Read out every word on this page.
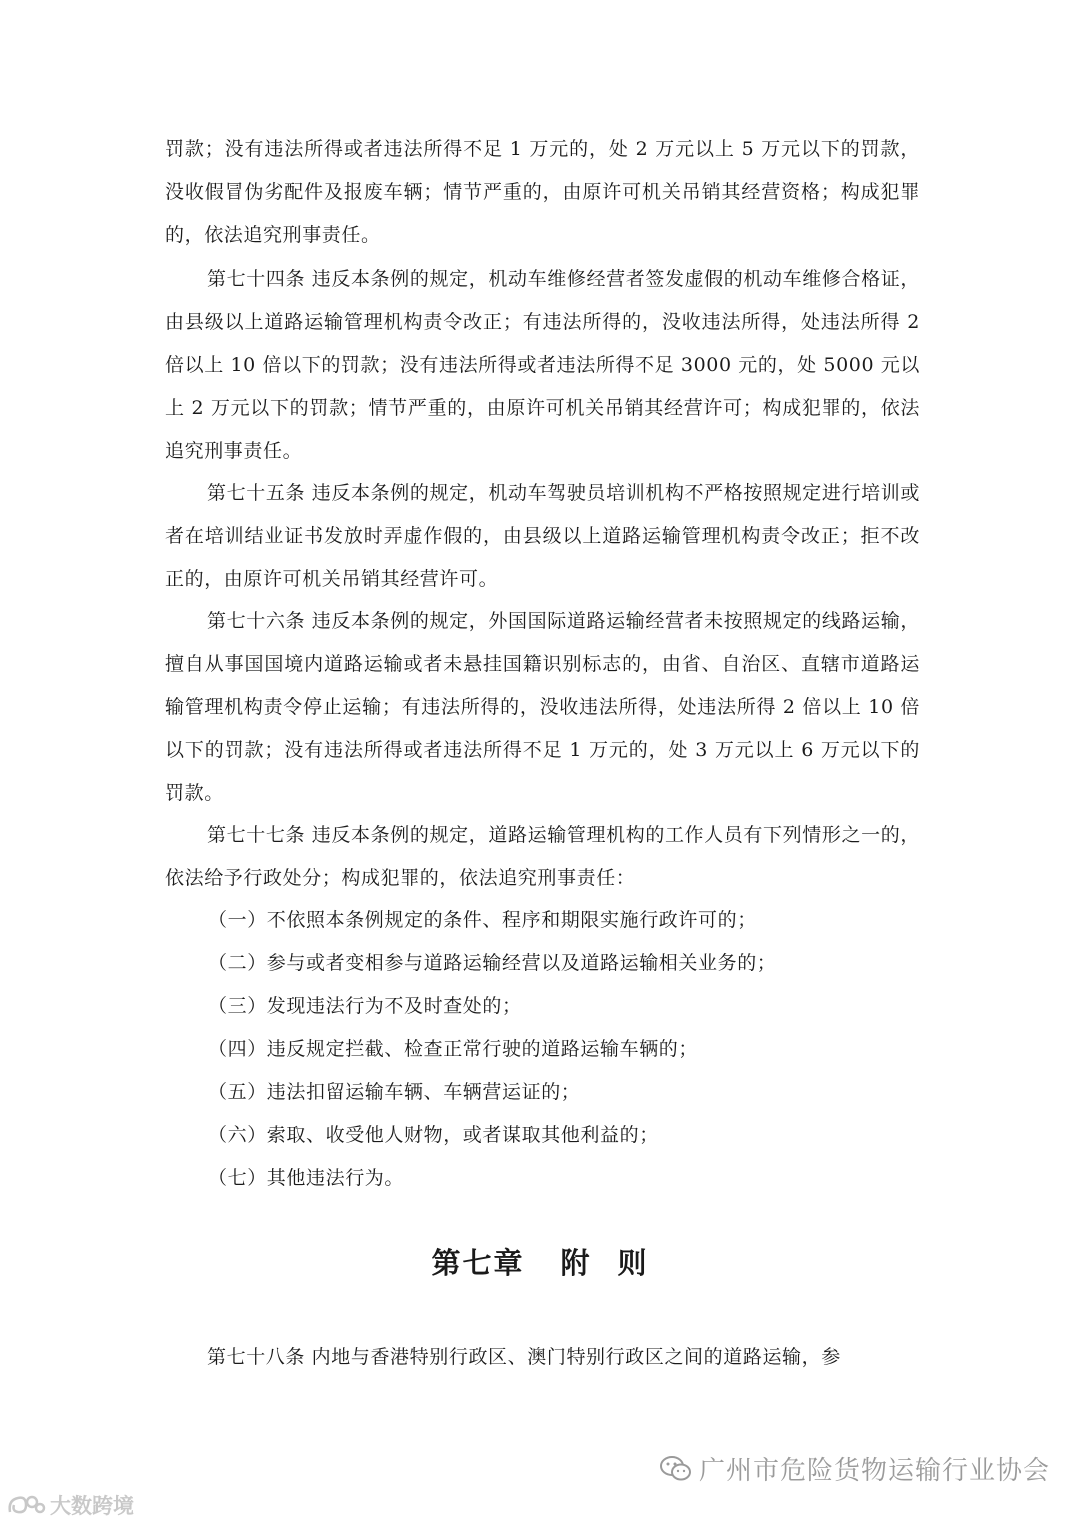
罚款；没有违法所得或者违法所得不足 1 万元的，处 2 万元以上 5 万元以下的罚款，没收假冒伪劣配件及报废车辆；情节严重的，由原许可机关吊销其经营资格；构成犯罪的，依法追究刑事责任。

第七十四条 违反本条例的规定，机动车维修经营者签发虚假的机动车维修合格证，由县级以上道路运输管理机构责令改正；有违法所得的，没收违法所得，处违法所得 2 倍以上 10 倍以下的罚款；没有违法所得或者违法所得不足 3000 元的，处 5000 元以上 2 万元以下的罚款；情节严重的，由原许可机关吊销其经营许可；构成犯罪的，依法追究刑事责任。

第七十五条 违反本条例的规定，机动车驾驶员培训机构不严格按照规定进行培训或者在培训结业证书发放时弄虚作假的，由县级以上道路运输管理机构责令改正；拒不改正的，由原许可机关吊销其经营许可。

第七十六条 违反本条例的规定，外国国际道路运输经营者未按照规定的线路运输，擅自从事国国境内道路运输或者未悬挂国籍识别标志的，由省、自治区、直辖市道路运输管理机构责令停止运输；有违法所得的，没收违法所得，处违法所得 2 倍以上 10 倍以下的罚款；没有违法所得或者违法所得不足 1 万元的，处 3 万元以上 6 万元以下的罚款。

第七十七条 违反本条例的规定，道路运输管理机构的工作人员有下列情形之一的，依法给予行政处分；构成犯罪的，依法追究刑事责任：

（一）不依照本条例规定的条件、程序和期限实施行政许可的；

（二）参与或者变相参与道路运输经营以及道路运输相关业务的；

（三）发现违法行为不及时查处的；

（四）违反规定拦截、检查正常行驶的道路运输车辆的；

（五）违法扣留运输车辆、车辆营运证的；

（六）索取、收受他人财物，或者谋取其他利益的；

（七）其他违法行为。

第七章 附 则

第七十八条 内地与香港特别行政区、澳门特别行政区之间的道路运输，参

广州市危险货物运输行业协会
大数跨境
